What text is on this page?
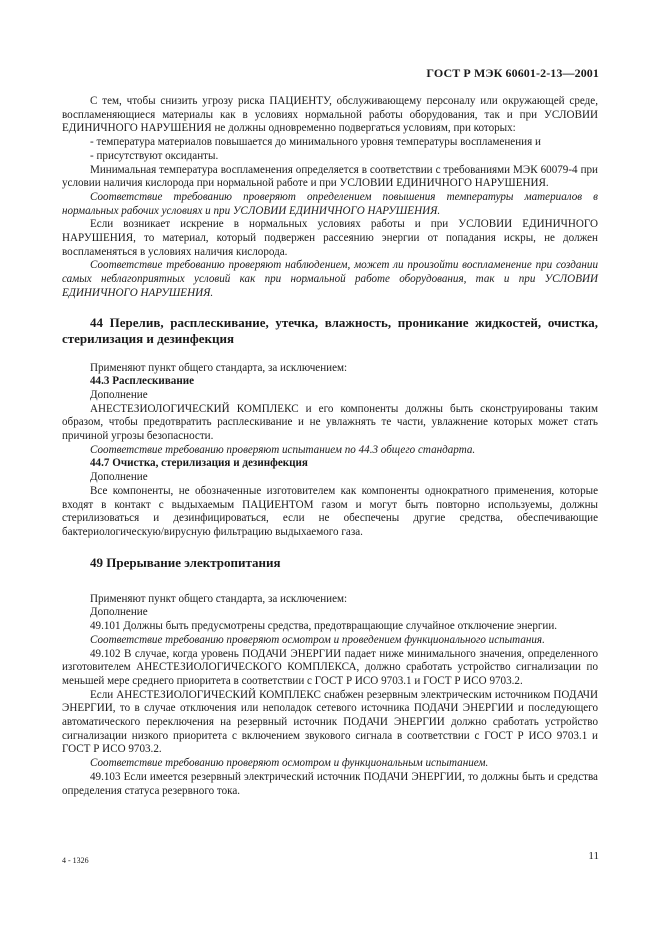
ГОСТ Р МЭК 60601-2-13—2001

С тем, чтобы снизить угрозу риска ПАЦИЕНТУ, обслуживающему персоналу или окружающей среде, воспламеняющиеся материалы как в условиях нормальной работы оборудования, так и при УСЛОВИИ ЕДИНИЧНОГО НАРУШЕНИЯ не должны одновременно подвергаться условиям, при которых:

- температура материалов повышается до минимального уровня температуры воспламенения и

- присутствуют оксиданты.

Минимальная температура воспламенения определяется в соответствии с требованиями МЭК 60079-4 при условии наличия кислорода при нормальной работе и при УСЛОВИИ ЕДИНИЧНОГО НАРУШЕНИЯ.

Соответствие требованию проверяют определением повышения температуры материалов в нормальных рабочих условиях и при УСЛОВИИ ЕДИНИЧНОГО НАРУШЕНИЯ.

Если возникает искрение в нормальных условиях работы и при УСЛОВИИ ЕДИНИЧНОГО НАРУШЕНИЯ, то материал, который подвержен рассеянию энергии от попадания искры, не должен воспламеняться в условиях наличия кислорода.

Соответствие требованию проверяют наблюдением, может ли произойти воспламенение при создании самых неблагоприятных условий как при нормальной работе оборудования, так и при УСЛОВИИ ЕДИНИЧНОГО НАРУШЕНИЯ.

44 Перелив, расплескивание, утечка, влажность, проникание жидкостей, очистка, стерилизация и дезинфекция

Применяют пункт общего стандарта, за исключением:

44.3 Расплескивание

Дополнение

АНЕСТЕЗИОЛОГИЧЕСКИЙ КОМПЛЕКС и его компоненты должны быть сконструированы таким образом, чтобы предотвратить расплескивание и не увлажнять те части, увлажнение которых может стать причиной угрозы безопасности.

Соответствие требованию проверяют испытанием по 44.3 общего стандарта.

44.7 Очистка, стерилизация и дезинфекция

Дополнение

Все компоненты, не обозначенные изготовителем как компоненты однократного применения, которые входят в контакт с выдыхаемым ПАЦИЕНТОМ газом и могут быть повторно используемы, должны стерилизоваться и дезинфицироваться, если не обеспечены другие средства, обеспечивающие бактериологическую/вирусную фильтрацию выдыхаемого газа.

49 Прерывание электропитания

Применяют пункт общего стандарта, за исключением:

Дополнение

49.101 Должны быть предусмотрены средства, предотвращающие случайное отключение энергии.

Соответствие требованию проверяют осмотром и проведением функционального испытания.

49.102 В случае, когда уровень ПОДАЧИ ЭНЕРГИИ падает ниже минимального значения, определенного изготовителем АНЕСТЕЗИОЛОГИЧЕСКОГО КОМПЛЕКСА, должно сработать устройство сигнализации по меньшей мере среднего приоритета в соответствии с ГОСТ Р ИСО 9703.1 и ГОСТ Р ИСО 9703.2.

Если АНЕСТЕЗИОЛОГИЧЕСКИЙ КОМПЛЕКС снабжен резервным электрическим источником ПОДАЧИ ЭНЕРГИИ, то в случае отключения или неполадок сетевого источника ПОДАЧИ ЭНЕРГИИ и последующего автоматического переключения на резервный источник ПОДАЧИ ЭНЕРГИИ должно сработать устройство сигнализации низкого приоритета с включением звукового сигнала в соответствии с ГОСТ Р ИСО 9703.1 и ГОСТ Р ИСО 9703.2.

Соответствие требованию проверяют осмотром и функциональным испытанием.

49.103 Если имеется резервный электрический источник ПОДАЧИ ЭНЕРГИИ, то должны быть и средства определения статуса резервного тока.

4 - 1326	11
